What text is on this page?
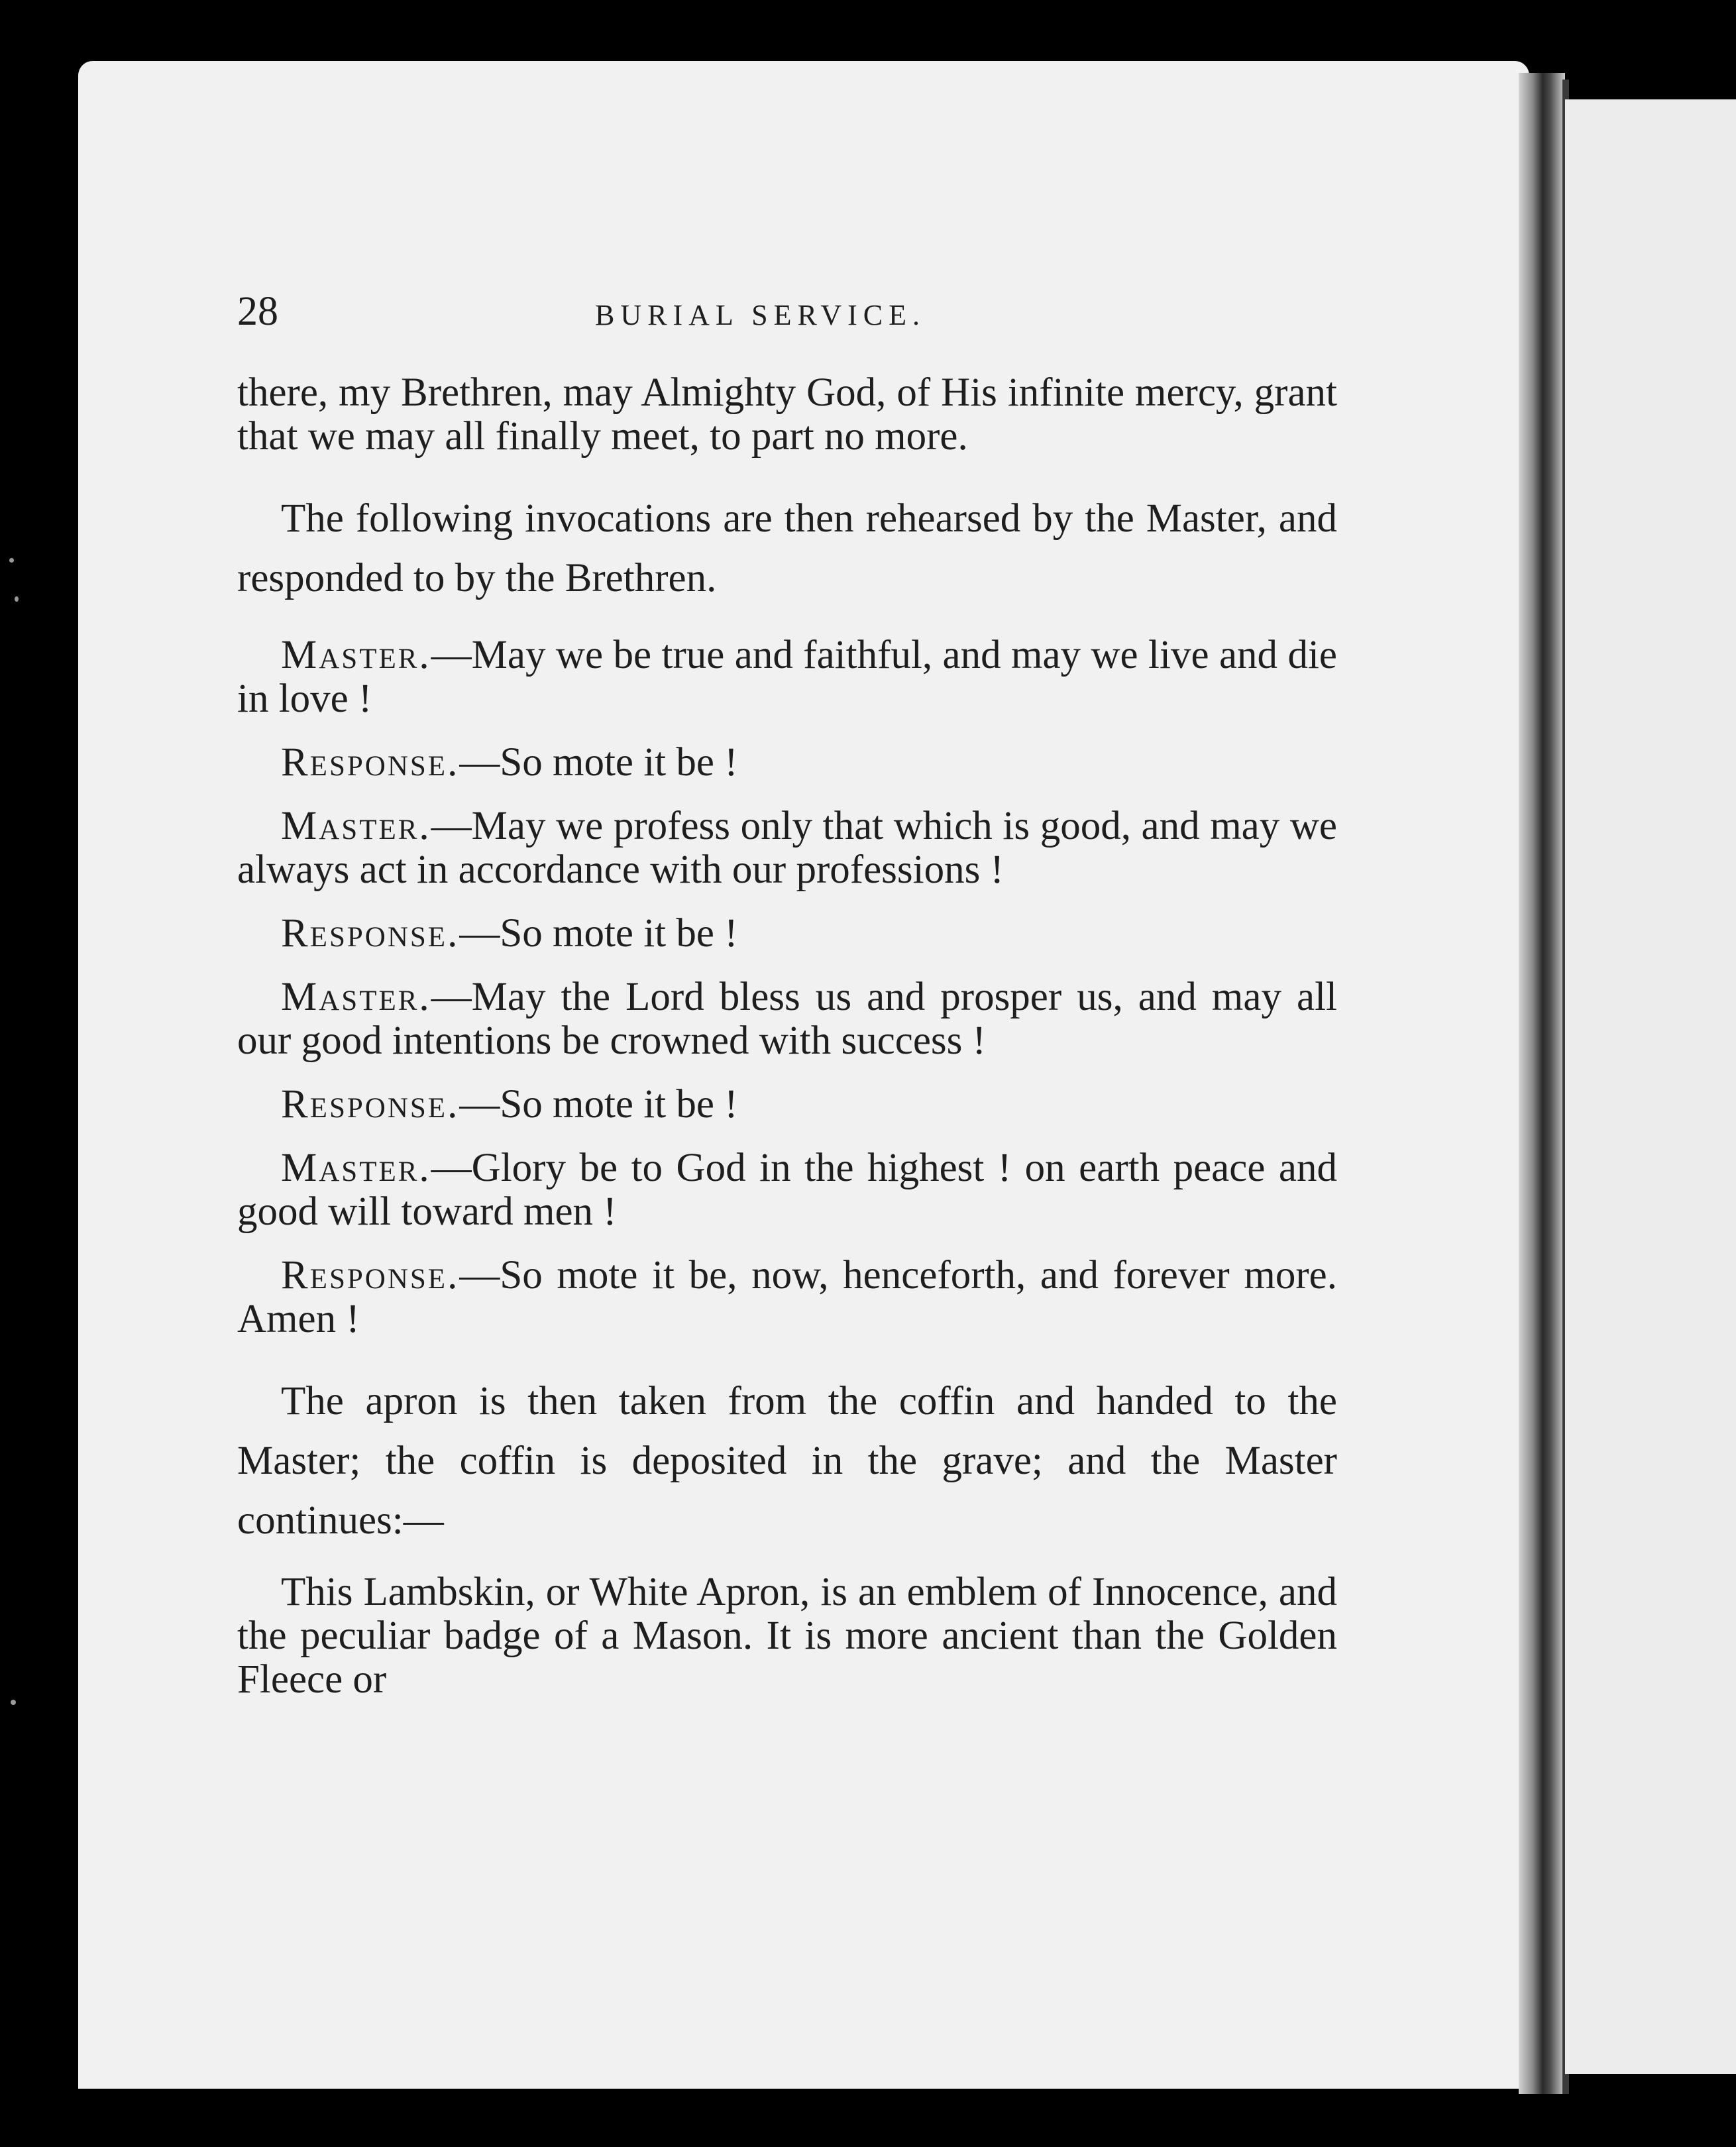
28	BURIAL SERVICE.

there, my Brethren, may Almighty God, of His infinite mercy, grant that we may all finally meet, to part no more.

The following invocations are then rehearsed by the Master, and responded to by the Brethren.

Master.—May we be true and faithful, and may we live and die in love !

Response.—So mote it be !

Master.—May we profess only that which is good, and may we always act in accordance with our professions !

Response.—So mote it be !

Master.—May the Lord bless us and prosper us, and may all our good intentions be crowned with success !

Response.—So mote it be !

Master.—Glory be to God in the highest ! on earth peace and good will toward men !

Response.—So mote it be, now, henceforth, and forever more. Amen !

The apron is then taken from the coffin and handed to the Master; the coffin is deposited in the grave; and the Master continues:—

This Lambskin, or White Apron, is an emblem of Innocence, and the peculiar badge of a Mason. It is more ancient than the Golden Fleece or
